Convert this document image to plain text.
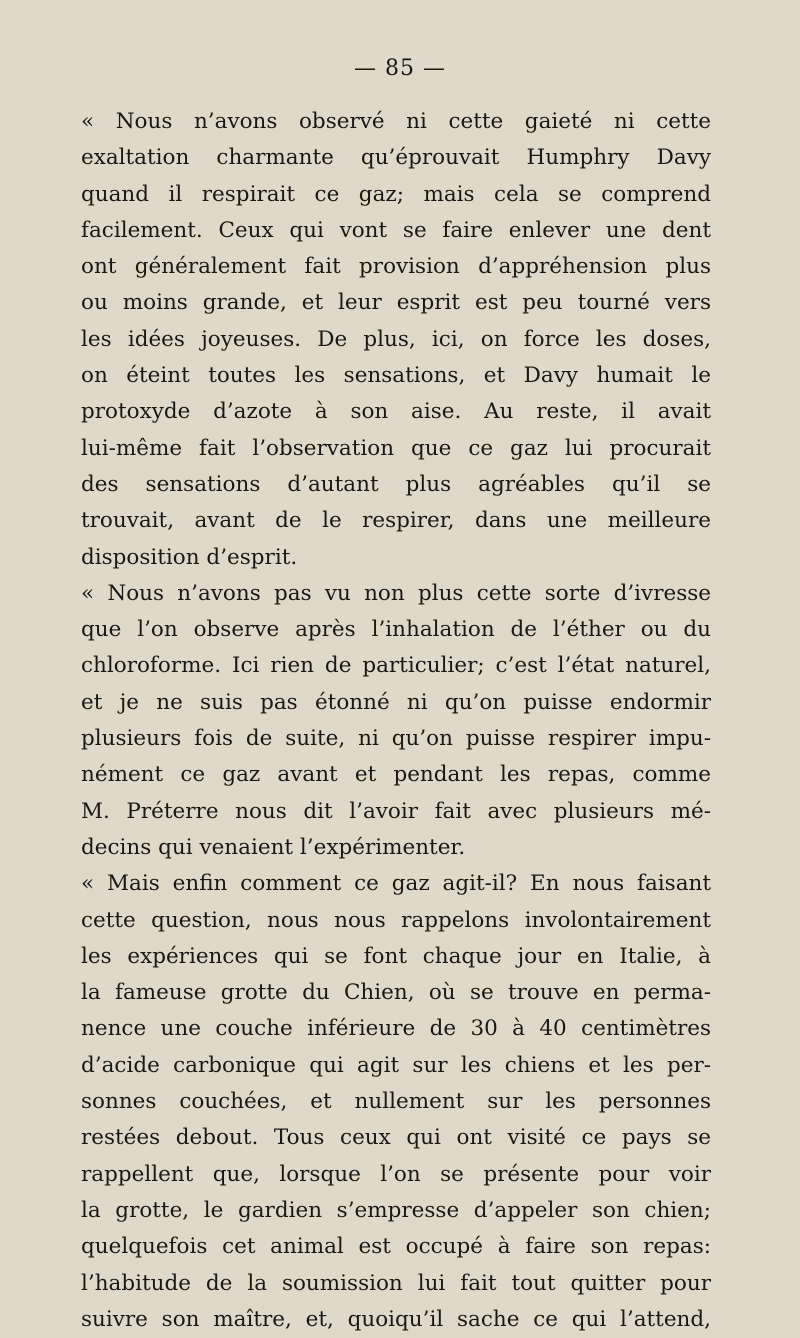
— 85 —
« Nous n’avons observé ni cette gaieté ni cette
exaltation charmante qu’éprouvait Humphry Davy
quand il respirait ce gaz; mais cela se comprend
facilement. Ceux qui vont se faire enlever une dent
ont généralement fait provision d’appréhension plus
ou moins grande, et leur esprit est peu tourné vers
les idées joyeuses. De plus, ici, on force les doses,
on éteint toutes les sensations, et Davy humait le
protoxyde d’azote à son aise. Au reste, il avait
lui-même fait l’observation que ce gaz lui procurait
des sensations d’autant plus agréables qu’il se
trouvait, avant de le respirer, dans une meilleure
disposition d’esprit.
« Nous n’avons pas vu non plus cette sorte d’ivresse
que l’on observe après l’inhalation de l’éther ou du
chloroforme. Ici rien de particulier; c’est l’état naturel,
et je ne suis pas étonné ni qu’on puisse endormir
plusieurs fois de suite, ni qu’on puisse respirer impu-
nément ce gaz avant et pendant les repas, comme
M. Préterre nous dit l’avoir fait avec plusieurs mé-
decins qui venaient l’expérimenter.
« Mais enfin comment ce gaz agit-il? En nous faisant
cette question, nous nous rappelons involontairement
les expériences qui se font chaque jour en Italie, à
la fameuse grotte du Chien, où se trouve en perma-
nence une couche inférieure de 30 à 40 centimètres
d’acide carbonique qui agit sur les chiens et les per-
sonnes couchées, et nullement sur les personnes
restées debout. Tous ceux qui ont visité ce pays se
rappellent que, lorsque l’on se présente pour voir
la grotte, le gardien s’empresse d’appeler son chien;
quelquefois cet animal est occupé à faire son repas:
l’habitude de la soumission lui fait tout quitter pour
suivre son maître, et, quoiqu’il sache ce qui l’attend,
